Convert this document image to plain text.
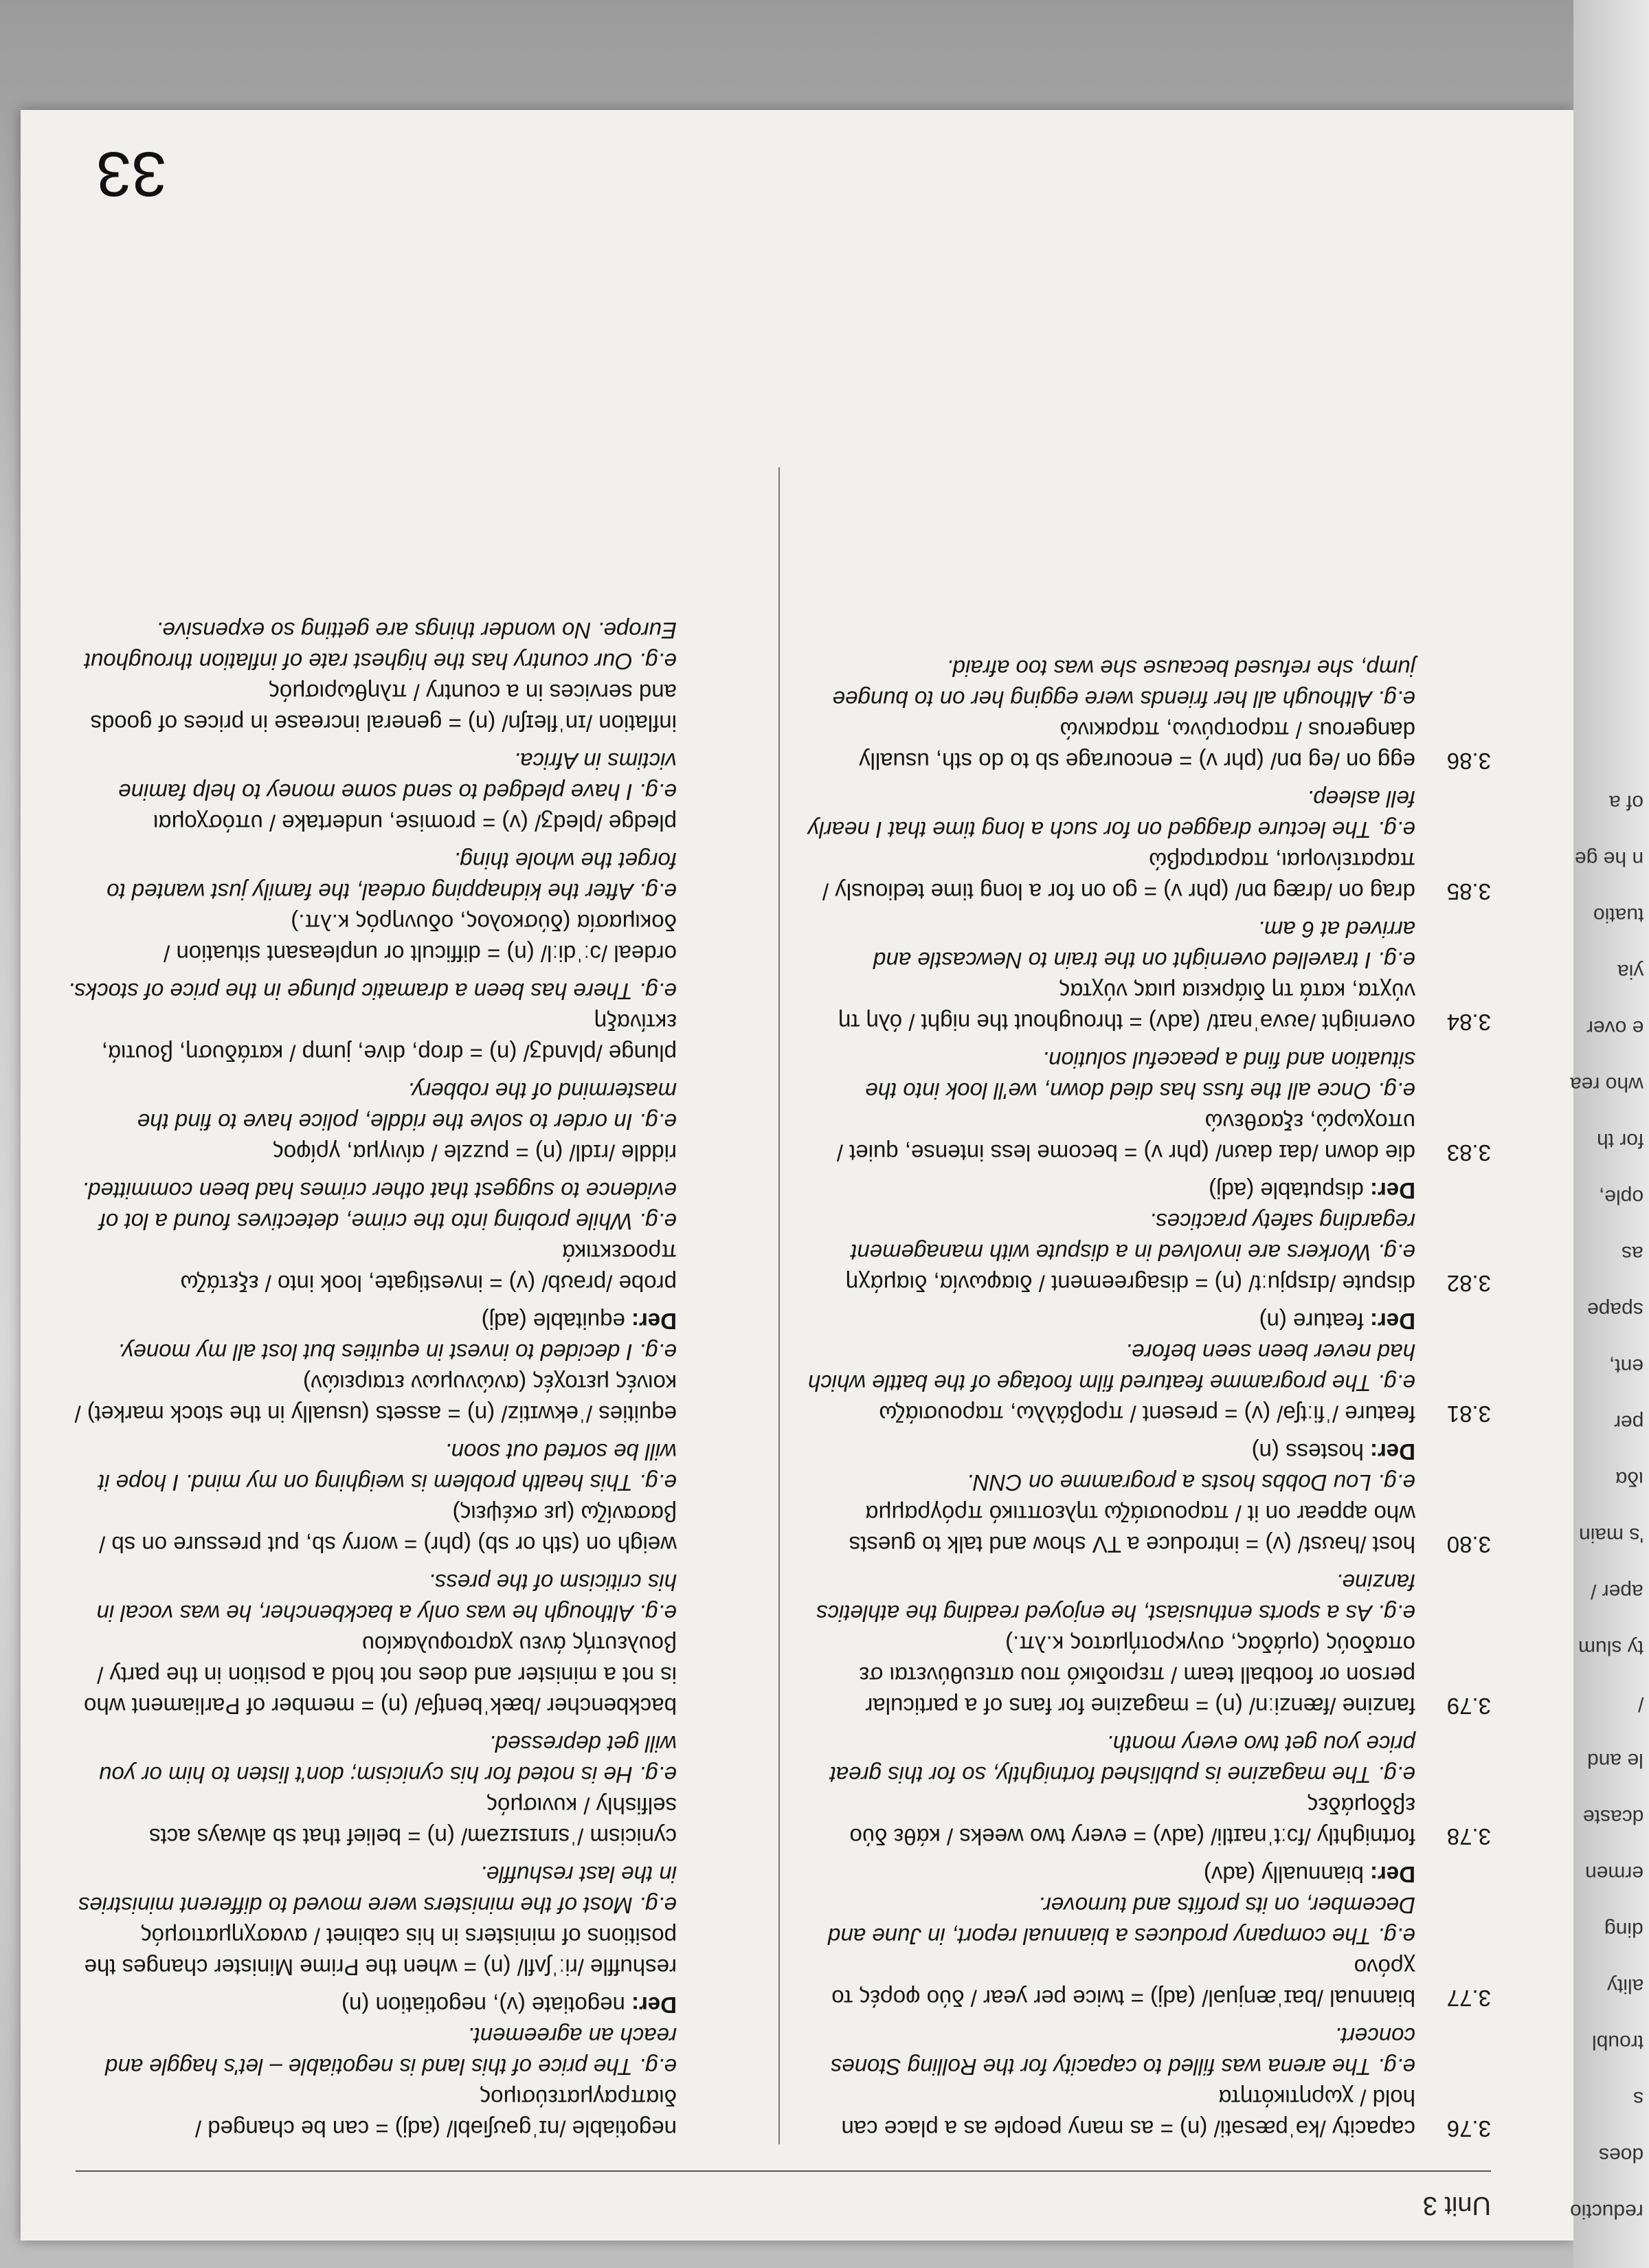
Unit 3
3.76
capacity /kəˈpæsəti/ (n) = as many people as a place can hold / χωρητικότητα
e.g. The arena was filled to capacity for the Rolling Stones concert.
3.77
biannual /baɪˈænjuəl/ (adj) = twice per year / δύο φορές το χρόνο
e.g. The company produces a biannual report, in June and December, on its profits and turnover.
Der: biannually (adv)
3.78
fortnightly /fɔːtˈnaɪtli/ (adv) = every two weeks / κάθε δύο εβδομάδες
e.g. The magazine is published fortnightly, so for this great price you get two every month.
3.79
fanzine /fænziːn/ (n) = magazine for fans of a particular person or football team / περιοδικό που απευθύνεται σε οπαδούς (ομάδας, συγκροτήματος κ.λπ.)
e.g. As a sports enthusiast, he enjoyed reading the athletics fanzine.
3.80
host /həʊst/ (v) = introduce a TV show and talk to guests who appear on it / παρουσιάζω τηλεοπτικό πρόγραμμα
e.g. Lou Dobbs hosts a programme on CNN.
Der: hostess (n)
3.81
feature /ˈfiːtʃə/ (v) = present / προβάλλω, παρουσιάζω
e.g. The programme featured film footage of the battle which had never been seen before.
Der: feature (n)
3.82
dispute /dɪspjuːt/ (n) = disagreement / διαφωνία, διαμάχη
e.g. Workers are involved in a dispute with management regarding safety practices.
Der: disputable (adj)
3.83
die down /daɪ daʊn/ (phr v) = become less intense, quiet / υποχωρώ, εξασθενώ
e.g. Once all the fuss has died down, we'll look into the situation and find a peaceful solution.
3.84
overnight /əʊvəˈnaɪt/ (adv) = throughout the night / όλη τη νύχτα, κατά τη διάρκεια μιας νύχτας
e.g. I travelled overnight on the train to Newcastle and arrived at 6 am.
3.85
drag on /dræɡ ɒn/ (phr v) = go on for a long time tediously / παρατείνομαι, παρατραβώ
e.g. The lecture dragged on for such a long time that I nearly fell asleep.
3.86
egg on /eɡ ɒn/ (phr v) = encourage sb to do sth, usually dangerous / παροτρύνω, παρακινώ
e.g. Although all her friends were egging her on to bungee jump, she refused because she was too afraid.
negotiable /nɪˈɡəʊʃiəbl/ (adj) = can be changed / διαπραγματεύσιμος
e.g. The price of this land is negotiable – let's haggle and reach an agreement.
Der: negotiate (v), negotiation (n)
reshuffle /riːˈʃʌfl/ (n) = when the Prime Minister changes the positions of ministers in his cabinet / ανασχηματισμός
e.g. Most of the ministers were moved to different ministries in the last reshuffle.
cynicism /ˈsɪnɪsɪzəm/ (n) = belief that sb always acts selfishly / κυνισμός
e.g. He is noted for his cynicism; don't listen to him or you will get depressed.
backbencher /bækˈbentʃə/ (n) = member of Parliament who is not a minister and does not hold a position in the party / βουλευτής άνευ χαρτοφυλακίου
e.g. Although he was only a backbencher, he was vocal in his criticism of the press.
weigh on (sth or sb) (phr) = worry sb, put pressure on sb / βασανίζω (με σκέψεις)
e.g. This health problem is weighing on my mind. I hope it will be sorted out soon.
equities /ˈekwɪtiz/ (n) = assets (usually in the stock market) / κοινές μετοχές (ανώνυμων εταιρειών)
e.g. I decided to invest in equities but lost all my money.
Der: equitable (adj)
probe /prəʊb/ (v) = investigate, look into / εξετάζω προσεκτικά
e.g. While probing into the crime, detectives found a lot of evidence to suggest that other crimes had been committed.
riddle /rɪdl/ (n) = puzzle / αίνιγμα, γρίφος
e.g. In order to solve the riddle, police have to find the mastermind of the robbery.
plunge /plʌndʒ/ (n) = drop, dive, jump / κατάδυση, βουτιά, εκτίναξη
e.g. There has been a dramatic plunge in the price of stocks.
ordeal /ɔːˈdiːl/ (n) = difficult or unpleasant situation / δοκιμασία (δύσκολος, οδυνηρός κ.λπ.)
e.g. After the kidnapping ordeal, the family just wanted to forget the whole thing.
pledge /pledʒ/ (v) = promise, undertake / υπόσχομαι
e.g. I have pledged to send some money to help famine victims in Africa.
inflation /ɪnˈfleɪʃn/ (n) = general increase in prices of goods and services in a country / πληθωρισμός
e.g. Our country has the highest rate of inflation throughout Europe. No wonder things are getting so expensive.
33
of a
n he ge
tuatio
yia
e over
who rea
for th
ople,
as
spape
ent,
per
ιδα
's main
aper /
ty slum
/
le and
dcaste
ermen
ding
ality
troubl
s
does
reductio
